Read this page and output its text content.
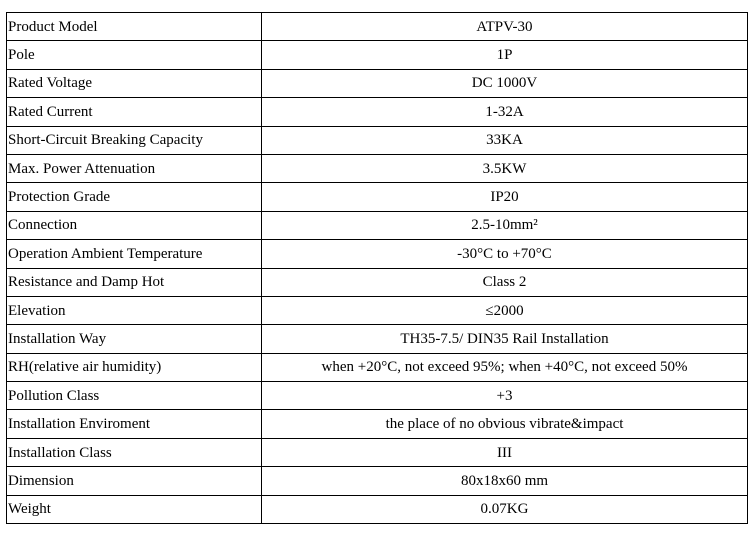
Product Model	ATPV-30
Pole	1P
Rated Voltage	DC 1000V
Rated Current	1-32A
Short-Circuit Breaking Capacity	33KA
Max. Power Attenuation	3.5KW
Protection Grade	IP20
Connection	2.5-10mm²
Operation Ambient Temperature	-30°C to +70°C
Resistance and Damp Hot	Class 2
Elevation	≤2000
Installation Way	TH35-7.5/ DIN35 Rail Installation
RH(relative air humidity)	when +20°C, not exceed 95%; when +40°C, not exceed 50%
Pollution Class	+3
Installation Enviroment	the place of no obvious vibrate&impact
Installation Class	III
Dimension	80x18x60 mm
Weight	0.07KG
